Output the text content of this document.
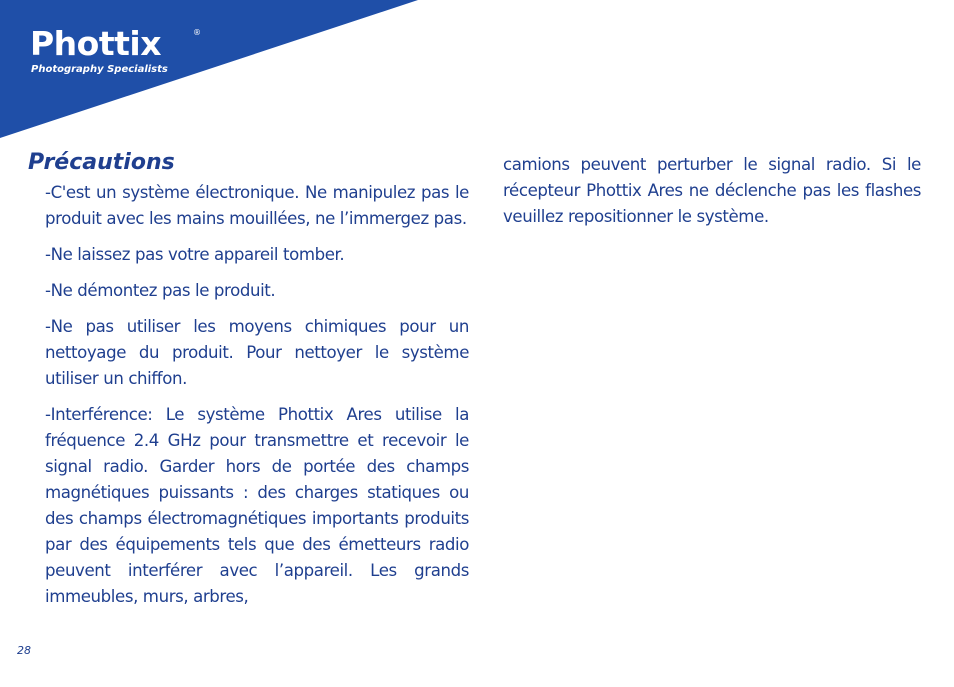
Phottix	®
Photography Specialists
Précautions

-C'est un système électronique. Ne manipulez pas le produit avec les mains mouillées, ne l’immergez pas.

-Ne laissez pas votre appareil tomber.

-Ne démontez pas le produit.

-Ne pas utiliser les moyens chimiques pour un nettoyage du produit. Pour nettoyer le système utiliser un chiffon.

-Interférence: Le système Phottix Ares utilise la fréquence 2.4 GHz pour transmettre et recevoir le signal radio. Garder hors de portée des champs magnétiques puissants : des charges statiques ou des champs électromagnétiques importants produits par des équipements tels que des émetteurs radio peuvent interférer avec l’appareil. Les grands immeubles, murs, arbres,

camions peuvent perturber le signal radio. Si le récepteur Phottix Ares ne déclenche pas les flashes veuillez repositionner le système.

28
